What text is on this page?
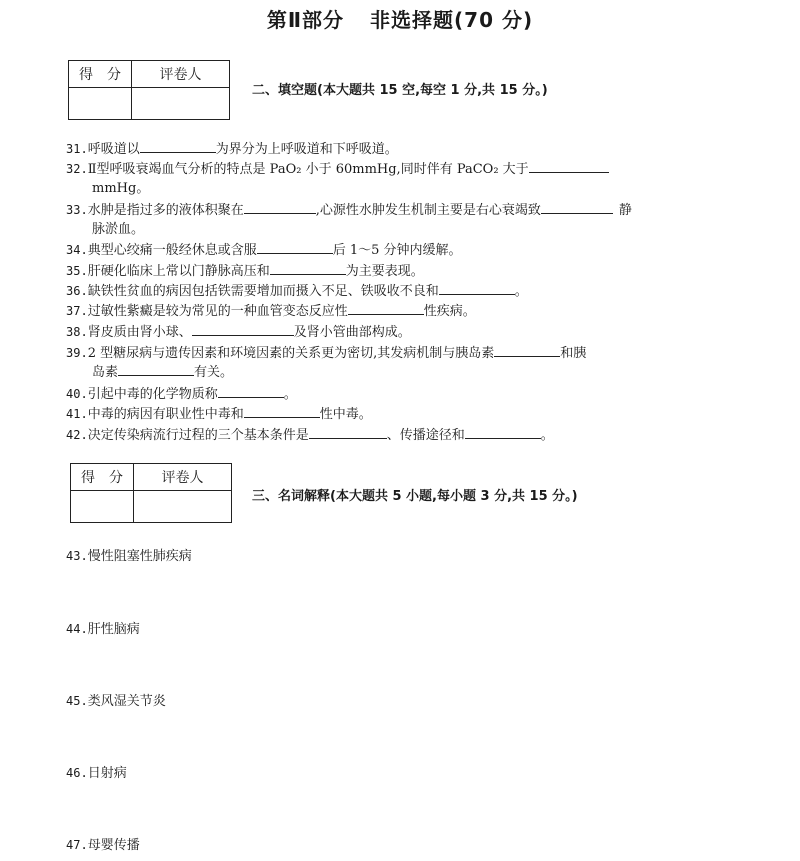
第Ⅱ部分 非选择题(70 分)
得　分	评卷人

二、填空题(本大题共 15 空,每空 1 分,共 15 分。)
31.呼吸道以	为界分为上呼吸道和下呼吸道。
32.Ⅱ型呼吸衰竭血气分析的特点是 PaO₂ 小于 60mmHg,同时伴有 PaCO₂ 大于
mmHg。
33.水肿是指过多的液体积聚在	,心源性水肿发生机制主要是右心衰竭致	静
脉淤血。
34.典型心绞痛一般经休息或含服	后 1～5 分钟内缓解。
35.肝硬化临床上常以门静脉高压和	为主要表现。
36.缺铁性贫血的病因包括铁需要增加而摄入不足、铁吸收不良和	。
37.过敏性紫癜是较为常见的一种血管变态反应性	性疾病。
38.肾皮质由肾小球、	及肾小管曲部构成。
39.2 型糖尿病与遗传因素和环境因素的关系更为密切,其发病机制与胰岛素	和胰
岛素	有关。
40.引起中毒的化学物质称	。
41.中毒的病因有职业性中毒和	性中毒。
42.决定传染病流行过程的三个基本条件是	、传播途径和	。
得　分	评卷人

三、名词解释(本大题共 5 小题,每小题 3 分,共 15 分。)
43.慢性阻塞性肺疾病
44.肝性脑病
45.类风湿关节炎
46.日射病
47.母婴传播
